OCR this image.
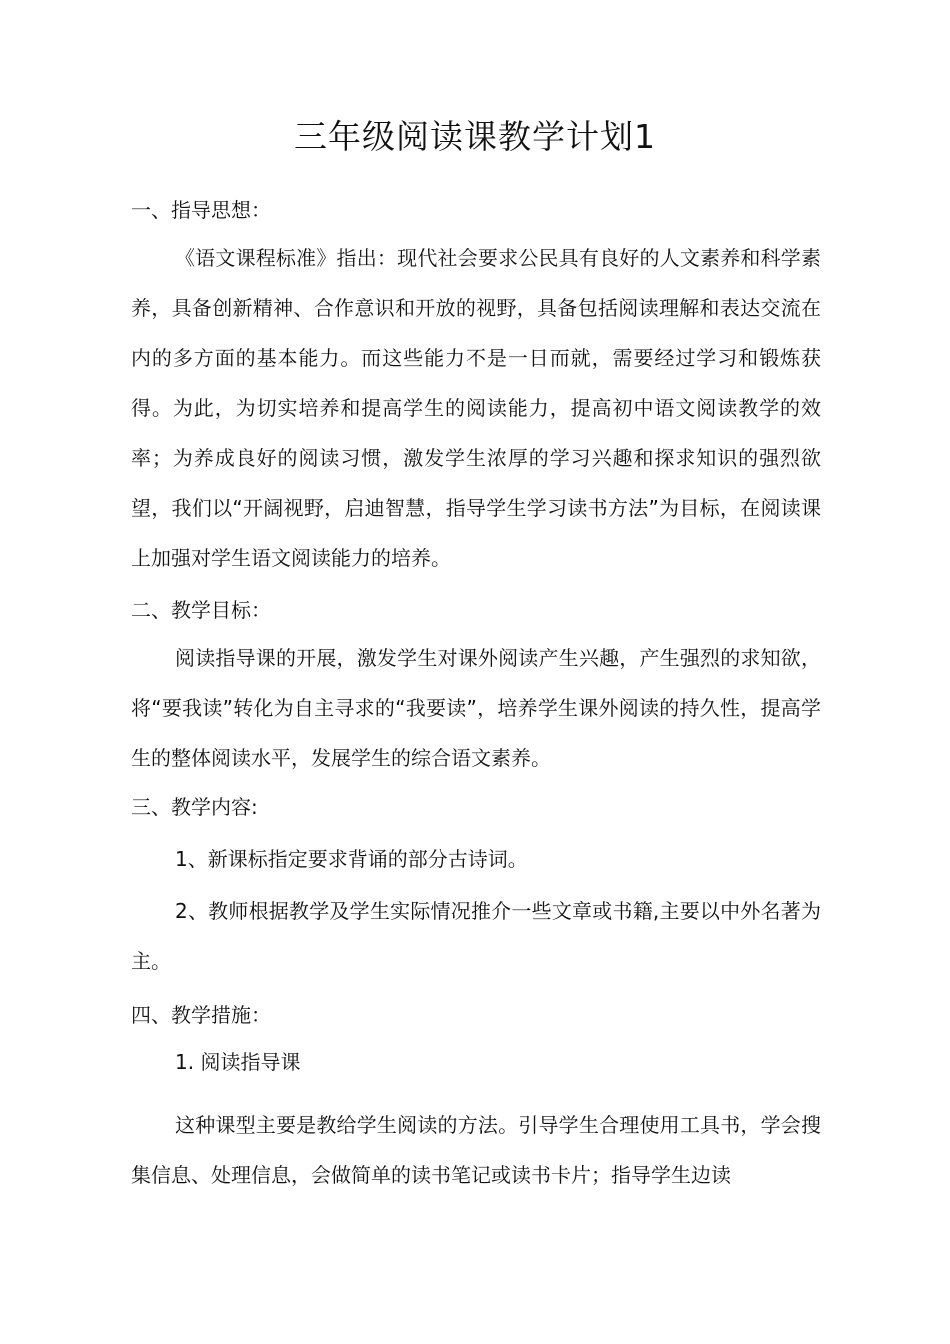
三年级阅读课教学计划1

一、指导思想：

《语文课程标准》指出：现代社会要求公民具有良好的人文素养和科学素养，具备创新精神、合作意识和开放的视野，具备包括阅读理解和表达交流在内的多方面的基本能力。而这些能力不是一日而就，需要经过学习和锻炼获得。为此，为切实培养和提高学生的阅读能力，提高初中语文阅读教学的效率；为养成良好的阅读习惯，激发学生浓厚的学习兴趣和探求知识的强烈欲望，我们以“开阔视野，启迪智慧，指导学生学习读书方法”为目标，在阅读课上加强对学生语文阅读能力的培养。

二、教学目标：

阅读指导课的开展，激发学生对课外阅读产生兴趣，产生强烈的求知欲，将“要我读”转化为自主寻求的“我要读”，培养学生课外阅读的持久性，提高学生的整体阅读水平，发展学生的综合语文素养。

三、教学内容:

1、新课标指定要求背诵的部分古诗词。

2、教师根据教学及学生实际情况推介一些文章或书籍,主要以中外名著为主。

四、教学措施：

1. 阅读指导课

这种课型主要是教给学生阅读的方法。引导学生合理使用工具书，学会搜集信息、处理信息，会做简单的读书笔记或读书卡片；指导学生边读
